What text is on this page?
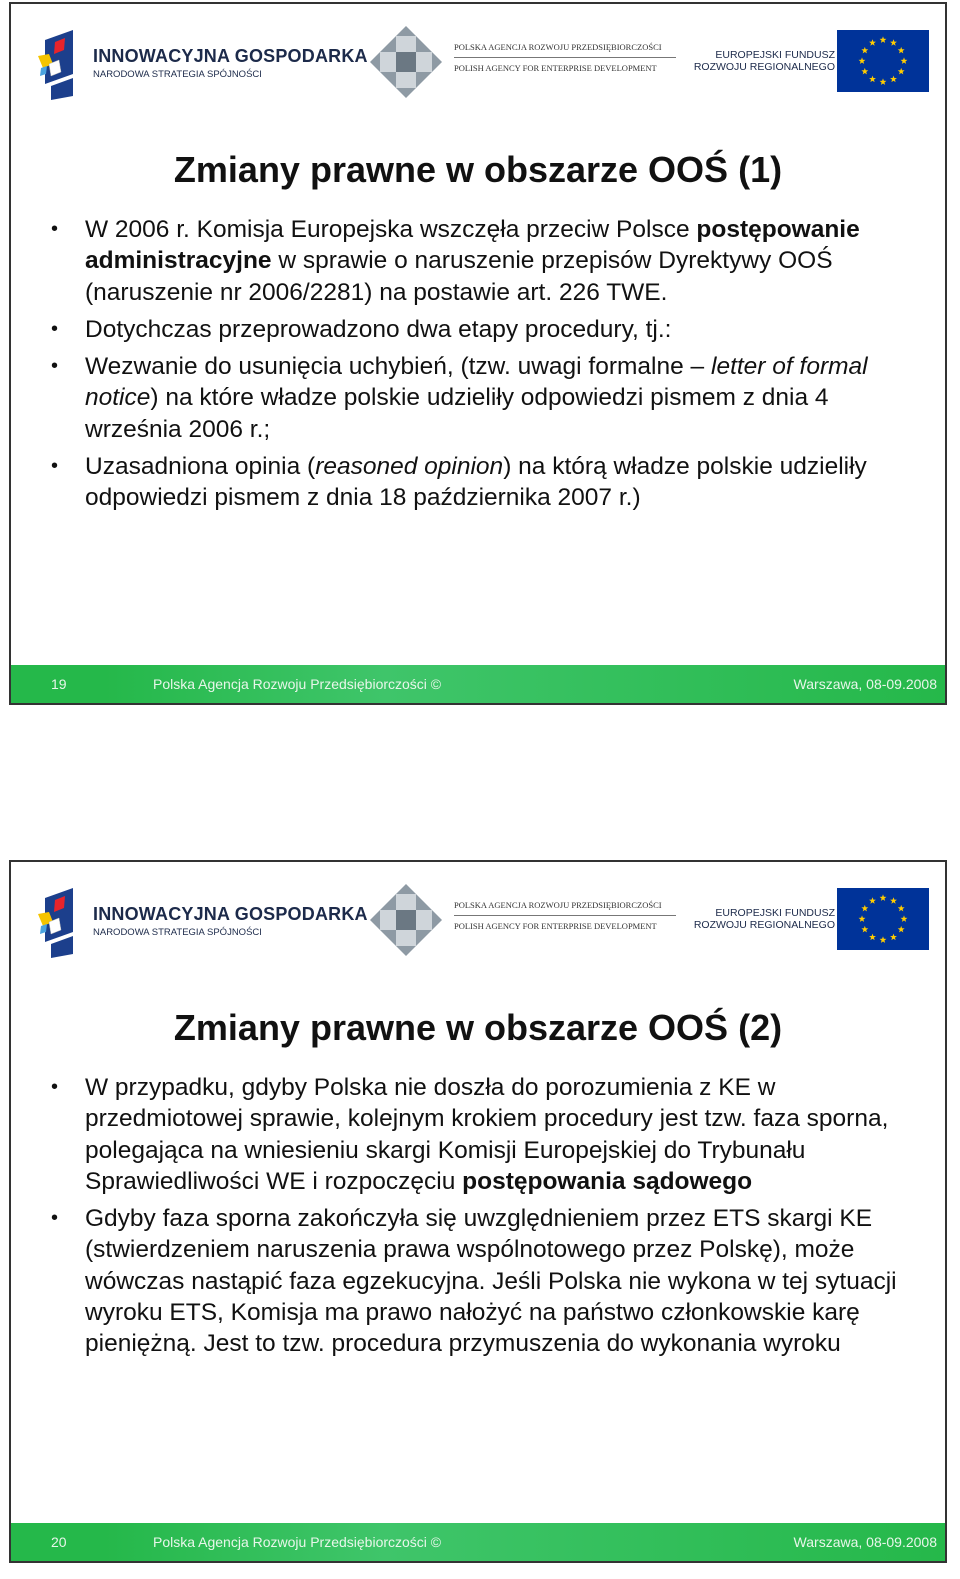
INNOWACYJNA GOSPODARKA
NARODOWA STRATEGIA SPÓJNOŚCI
POLSKA AGENCJA ROZWOJU PRZEDSIĘBIORCZOŚCI
POLISH AGENCY FOR ENTERPRISE DEVELOPMENT
EUROPEJSKI FUNDUSZ
ROZWOJU REGIONALNEGO
Zmiany prawne w obszarze OOŚ (1)
• W 2006 r. Komisja Europejska wszczęła przeciw Polsce postępowanie administracyjne w sprawie o naruszenie przepisów Dyrektywy OOŚ (naruszenie nr 2006/2281) na postawie art. 226 TWE.
• Dotychczas przeprowadzono dwa etapy procedury, tj.:
• Wezwanie do usunięcia uchybień, (tzw. uwagi formalne – letter of formal notice) na które władze polskie udzieliły odpowiedzi pismem z dnia 4 września 2006 r.;
• Uzasadniona opinia (reasoned opinion) na którą władze polskie udzieliły odpowiedzi pismem z dnia 18 października 2007 r.)
19	Polska Agencja Rozwoju Przedsiębiorczości ©	Warszawa, 08-09.2008
INNOWACYJNA GOSPODARKA
NARODOWA STRATEGIA SPÓJNOŚCI
POLSKA AGENCJA ROZWOJU PRZEDSIĘBIORCZOŚCI
POLISH AGENCY FOR ENTERPRISE DEVELOPMENT
EUROPEJSKI FUNDUSZ
ROZWOJU REGIONALNEGO
Zmiany prawne w obszarze OOŚ (2)
• W przypadku, gdyby Polska nie doszła do porozumienia z KE w przedmiotowej sprawie, kolejnym krokiem procedury jest tzw. faza sporna, polegająca na wniesieniu skargi Komisji Europejskiej do Trybunału Sprawiedliwości WE i rozpoczęciu postępowania sądowego
• Gdyby faza sporna zakończyła się uwzględnieniem przez ETS skargi KE (stwierdzeniem naruszenia prawa wspólnotowego przez Polskę), może wówczas nastąpić faza egzekucyjna. Jeśli Polska nie wykona w tej sytuacji wyroku ETS, Komisja ma prawo nałożyć na państwo członkowskie karę pieniężną. Jest to tzw. procedura przymuszenia do wykonania wyroku
20	Polska Agencja Rozwoju Przedsiębiorczości ©	Warszawa, 08-09.2008
